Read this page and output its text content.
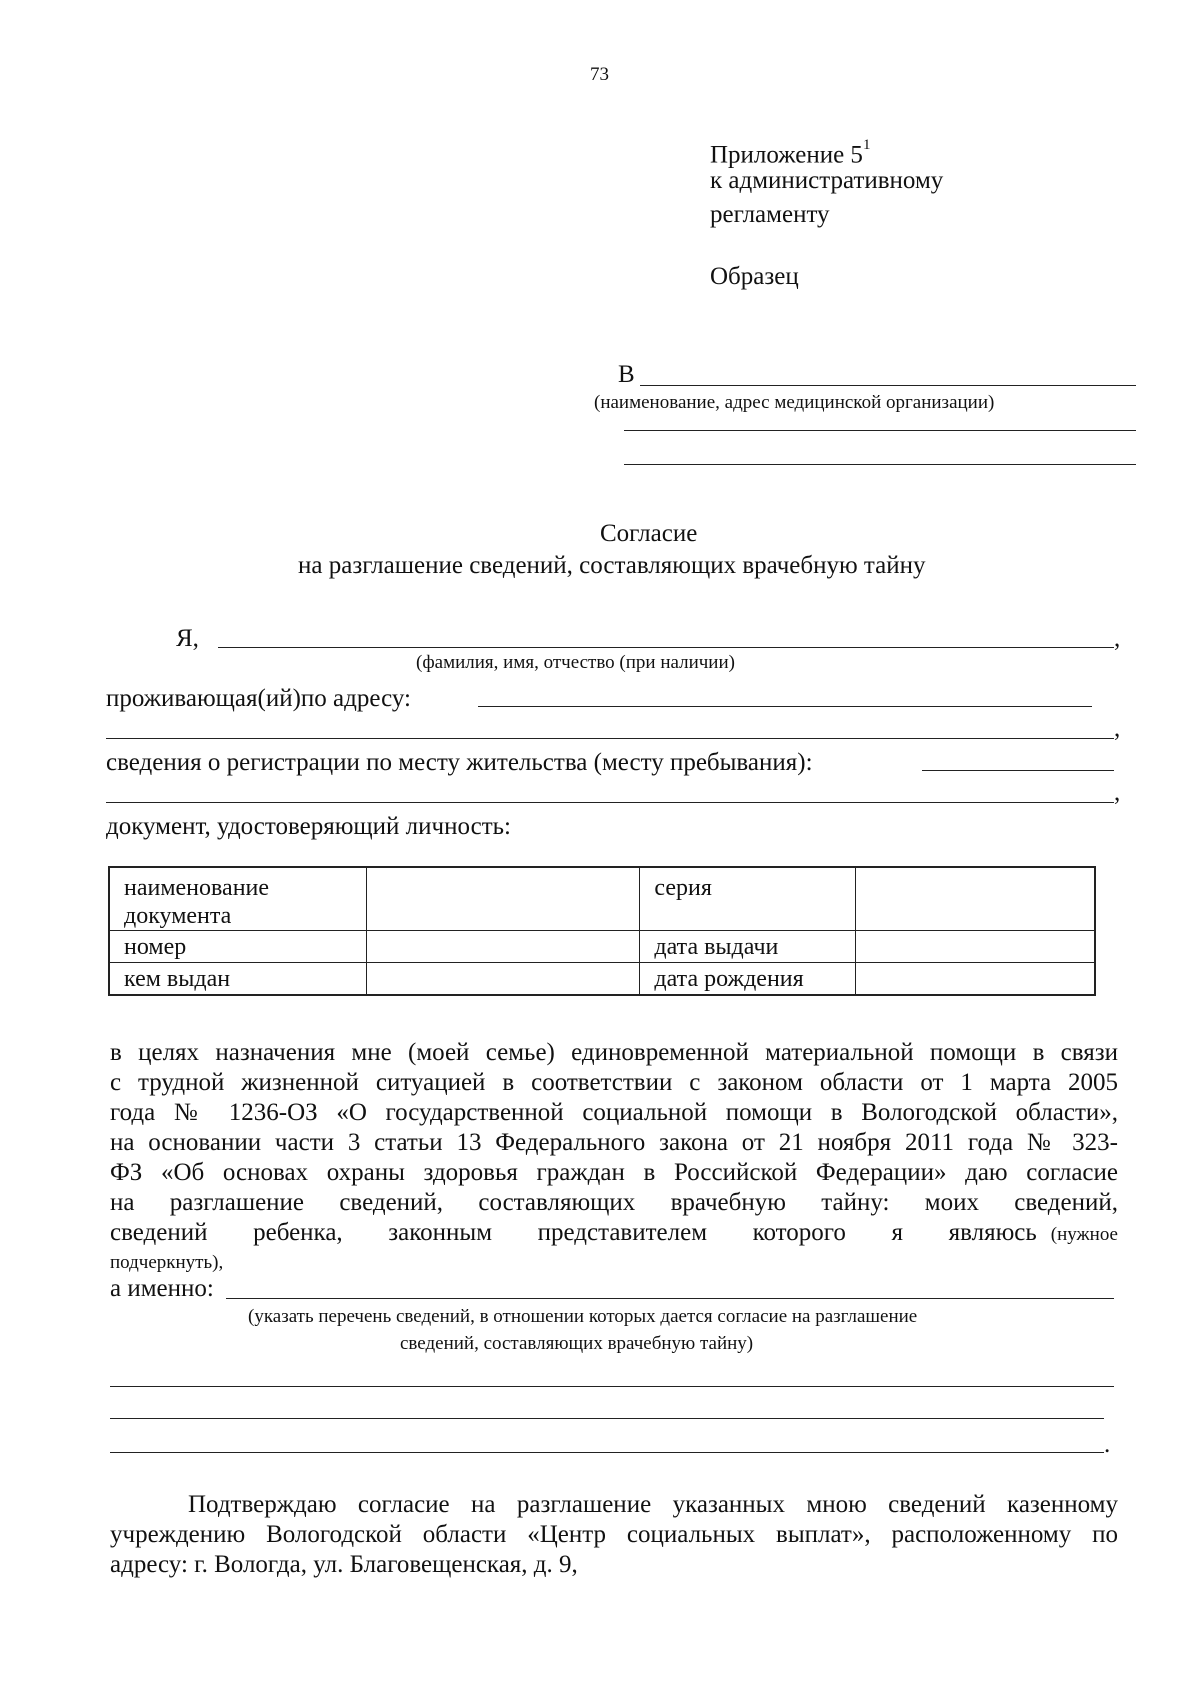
73
Приложение $5^1$
к административному
регламенту
Образец
В
(наименование, адрес медицинской организации)
Согласие
на разглашение сведений, составляющих врачебную тайну
Я,	,
(фамилия, имя, отчество (при наличии)
проживающая(ий)по адресу:
,
сведения о регистрации по месту жительства (месту пребывания):
,
документ, удостоверяющий личность:
наименование документа		серия	
номер		дата выдачи	
кем выдан		дата рождения	
в целях назначения мне (моей семье) единовременной материальной помощи в связи
с трудной жизненной ситуацией в соответствии с законом области от 1 марта 2005
года № 1236-ОЗ «О государственной социальной помощи в Вологодской области»,
на основании части 3 статьи 13 Федерального закона от 21 ноября 2011 года № 323-
ФЗ «Об основах охраны здоровья граждан в Российской Федерации» даю согласие
на разглашение сведений, составляющих врачебную тайну: моих сведений,
сведений ребенка, законным представителем которого я являюсь (нужное
подчеркнуть),
а именно:
(указать перечень сведений, в отношении которых дается согласие на разглашение
сведений, составляющих врачебную тайну)
.
Подтверждаю согласие на разглашение указанных мною сведений казенному
учреждению Вологодской области «Центр социальных выплат», расположенному по
адресу: г. Вологда, ул. Благовещенская, д. 9,
